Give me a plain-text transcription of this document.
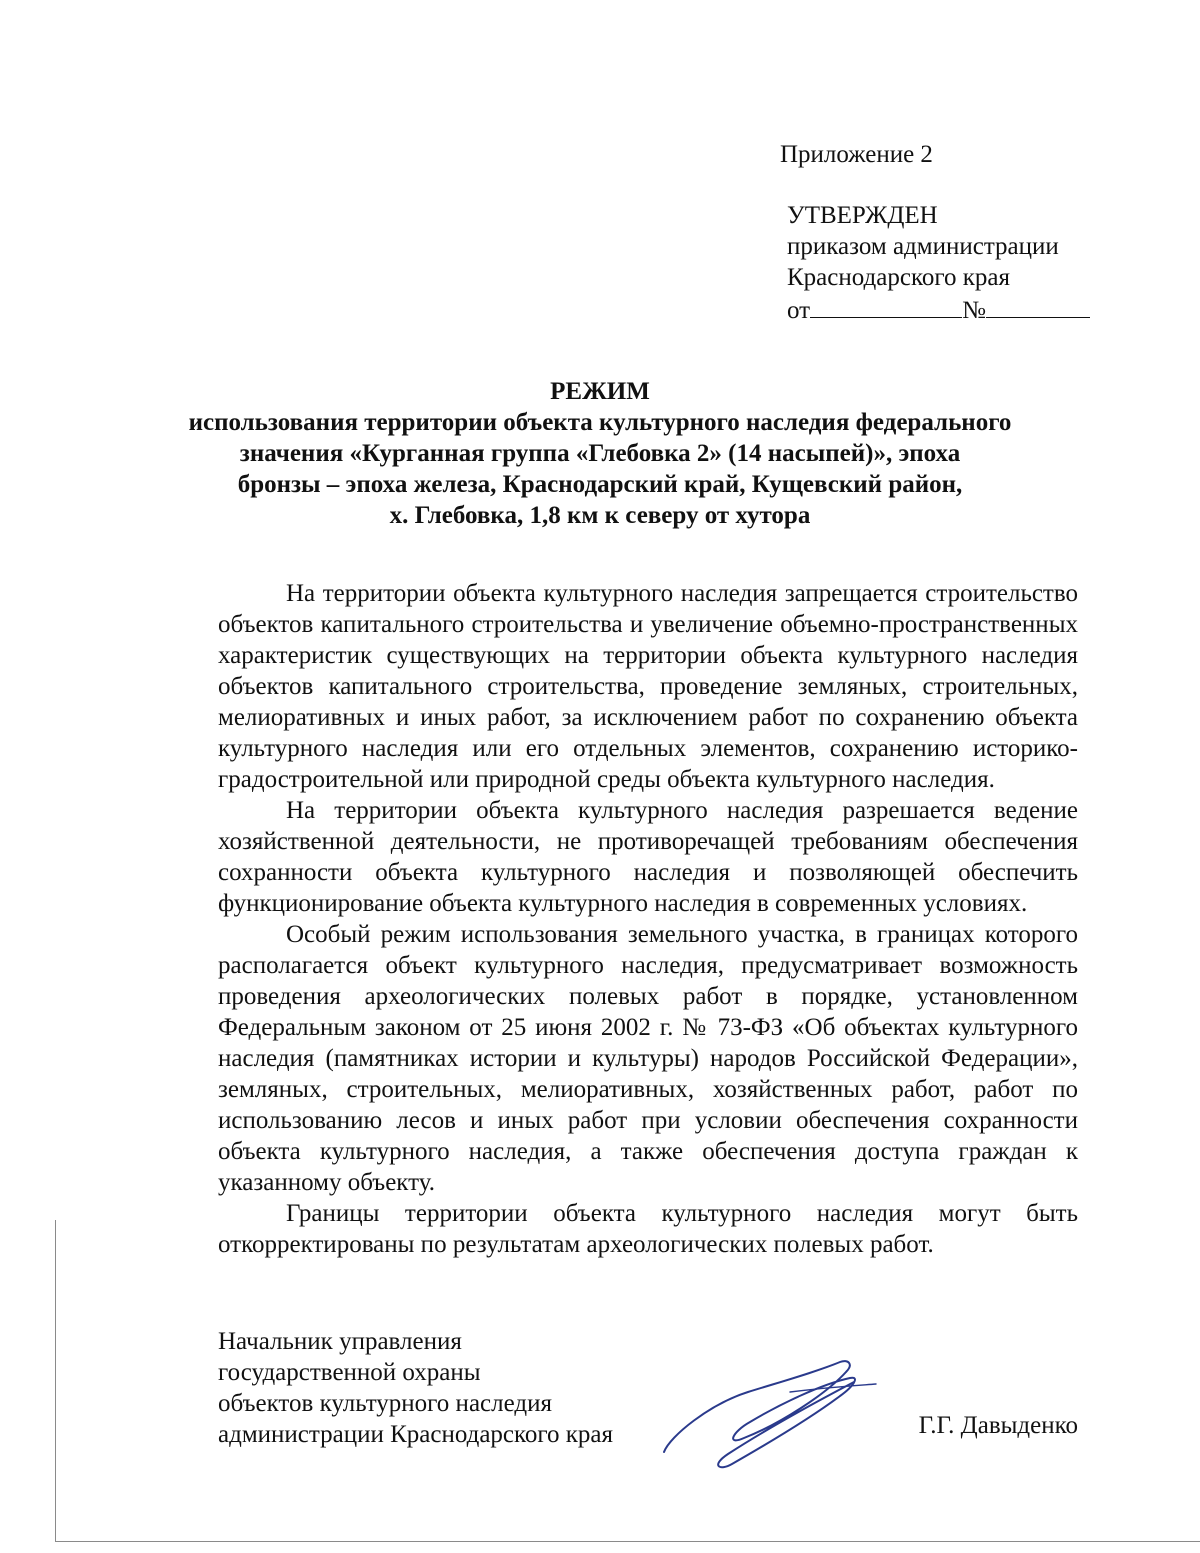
Приложение 2

УТВЕРЖДЕН
приказом администрации
Краснодарского края
от	№
РЕЖИМ
использования территории объекта культурного наследия федерального
значения «Курганная группа «Глебовка 2» (14 насыпей)», эпоха
бронзы – эпоха железа, Краснодарский край, Кущевский район,
х. Глебовка, 1,8 км к северу от хутора

На территории объекта культурного наследия запрещается строительство объектов капитального строительства и увеличение объемно-пространственных характеристик существующих на территории объекта культурного наследия объектов капитального строительства, проведение земляных, строительных, мелиоративных и иных работ, за исключением работ по сохранению объекта культурного наследия или его отдельных элементов, сохранению историко-градостроительной или природной среды объекта культурного наследия.

На территории объекта культурного наследия разрешается ведение хозяйственной деятельности, не противоречащей требованиям обеспечения сохранности объекта культурного наследия и позволяющей обеспечить функционирование объекта культурного наследия в современных условиях.

Особый режим использования земельного участка, в границах которого располагается объект культурного наследия, предусматривает возможность проведения археологических полевых работ в порядке, установленном Федеральным законом от 25 июня 2002 г. № 73-ФЗ «Об объектах культурного наследия (памятниках истории и культуры) народов Российской Федерации», земляных, строительных, мелиоративных, хозяйственных работ, работ по использованию лесов и иных работ при условии обеспечения сохранности объекта культурного наследия, а также обеспечения доступа граждан к указанному объекту.

Границы территории объекта культурного наследия могут быть откорректированы по результатам археологических полевых работ.

Начальник управления
государственной охраны
объектов культурного наследия
администрации Краснодарского края	Г.Г. Давыденко
